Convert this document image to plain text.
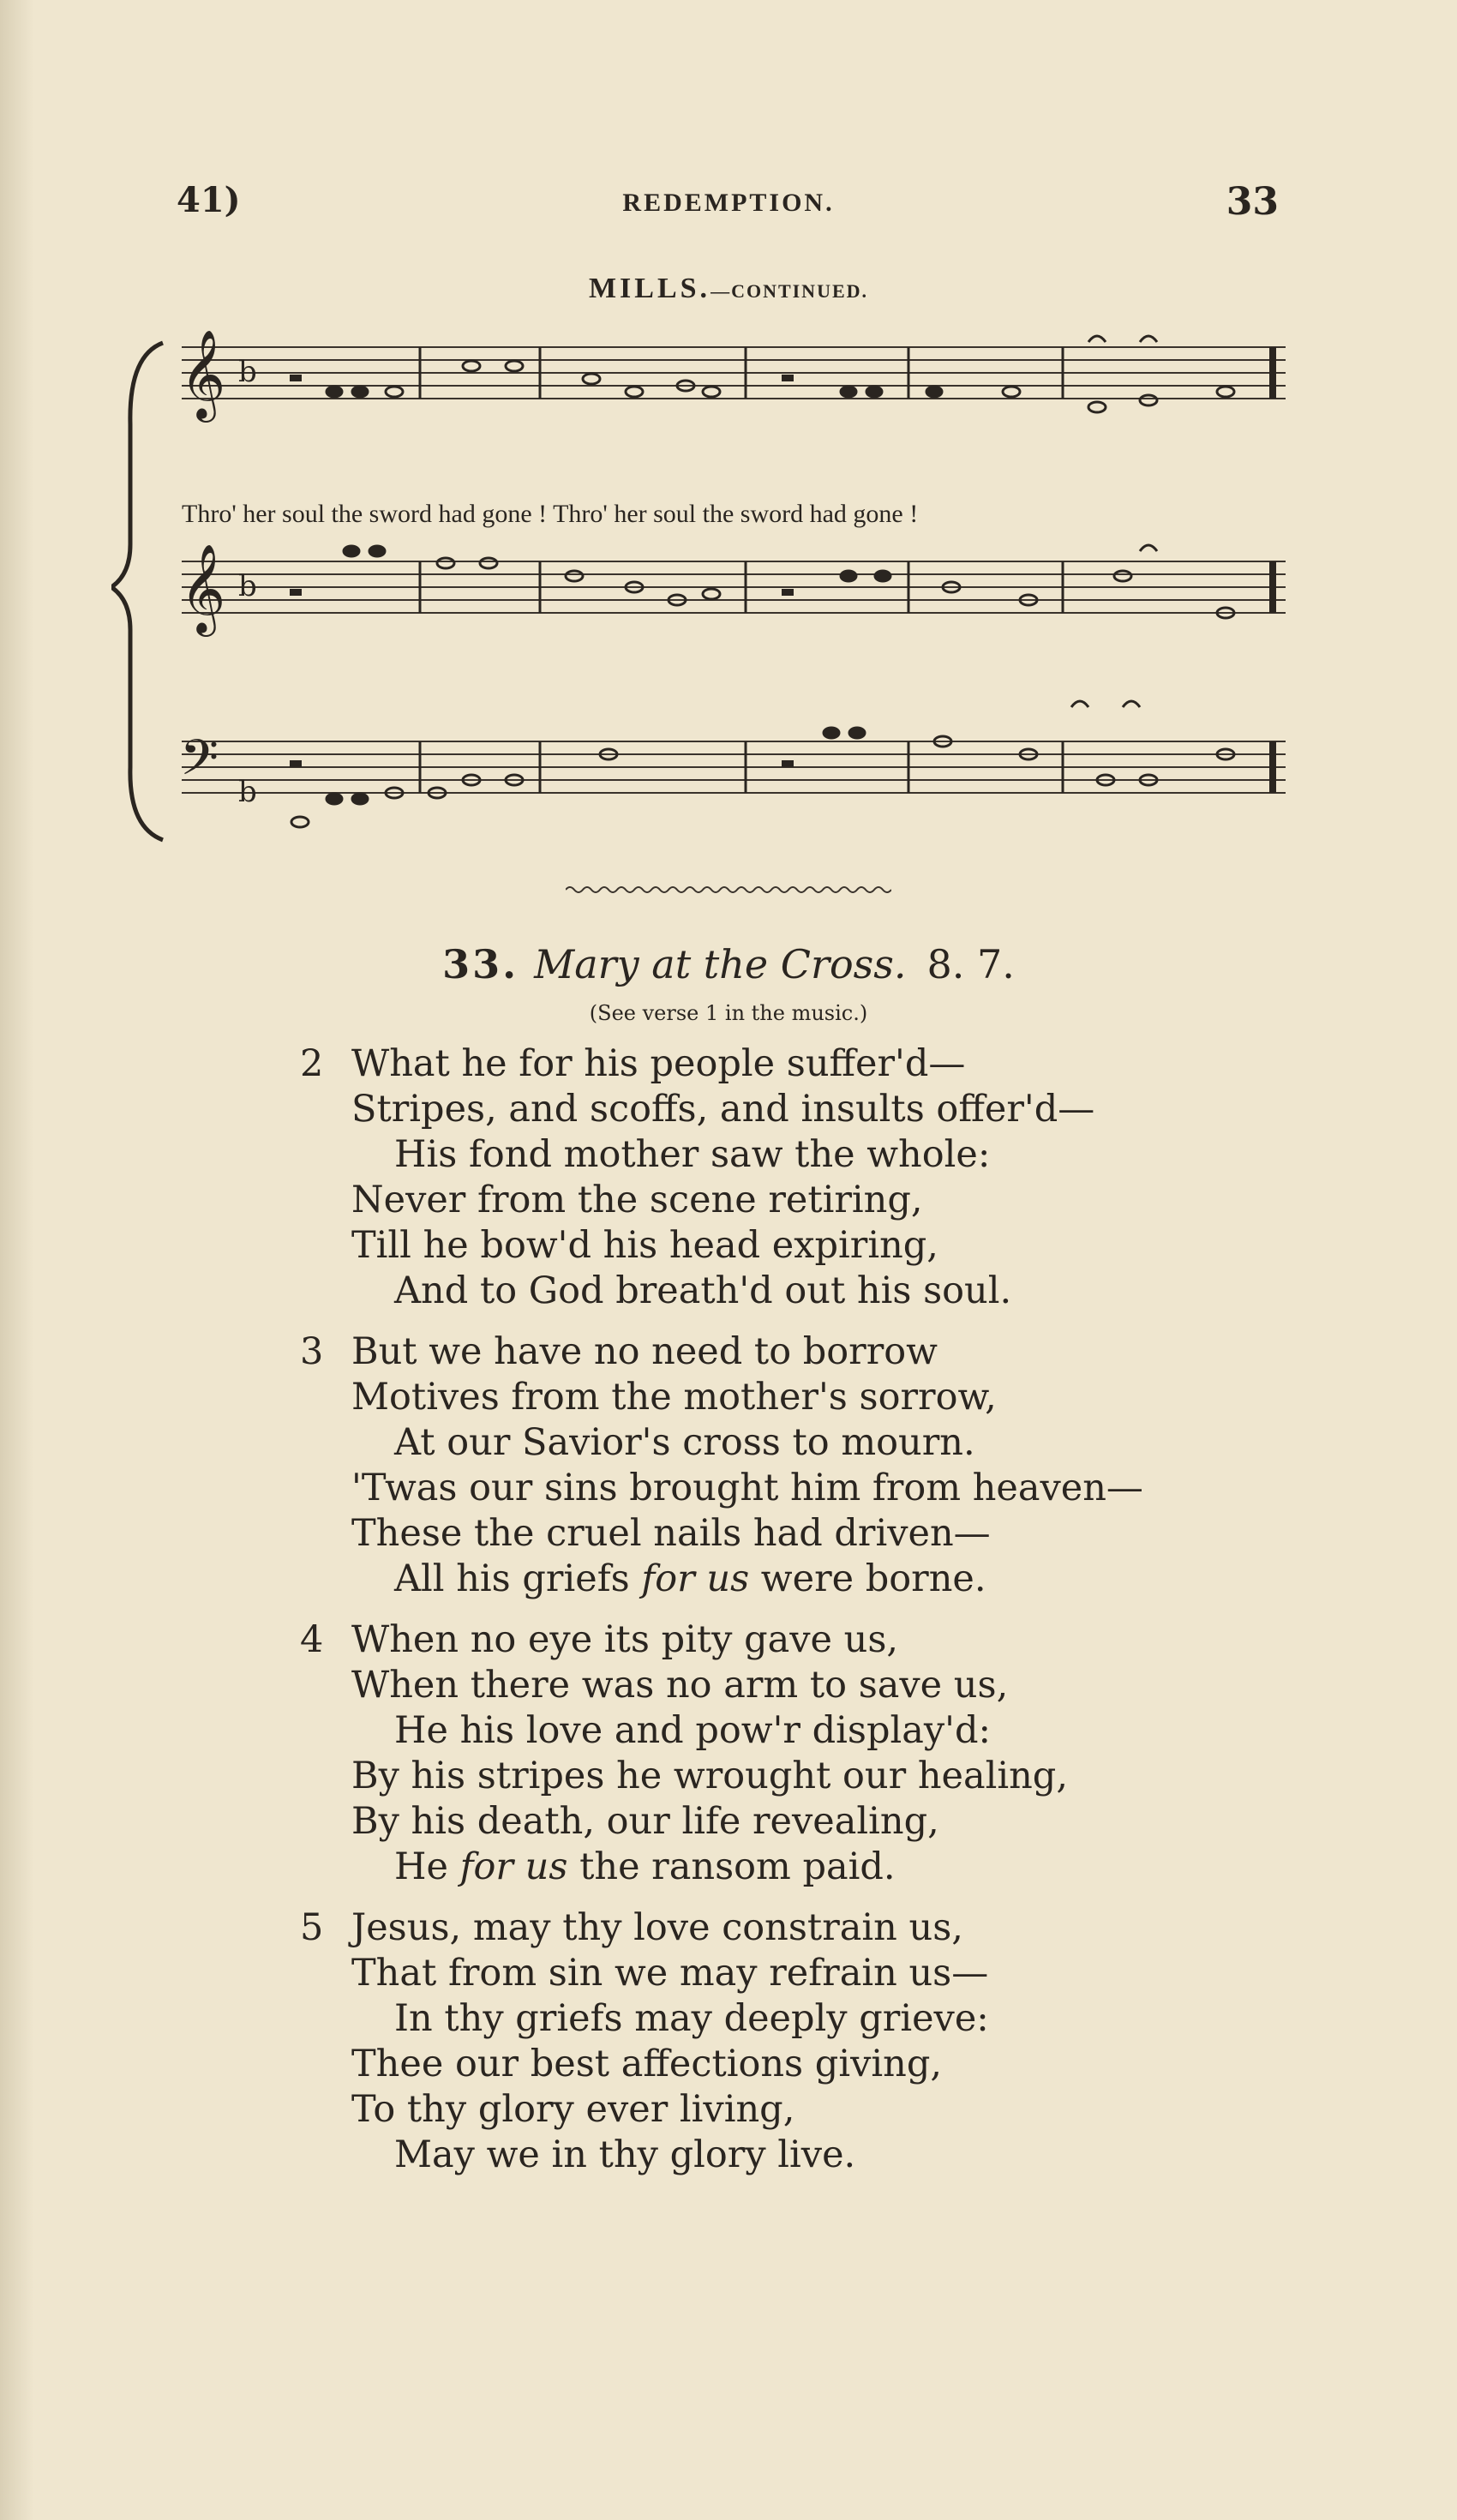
41)	REDEMPTION.	33
MILLS.—CONTINUED.
𝄞
𝄞
𝄢
b
b
b
Thro' her soul the sword had gone ! Thro' her soul the sword had gone !
33. Mary at the Cross. 8. 7.
(See verse 1 in the music.)
2 What he for his people suffer'd—
Stripes, and scoffs, and insults offer'd—
His fond mother saw the whole:
Never from the scene retiring,
Till he bow'd his head expiring,
And to God breath'd out his soul.
3 But we have no need to borrow
Motives from the mother's sorrow,
At our Savior's cross to mourn.
'Twas our sins brought him from heaven—
These the cruel nails had driven—
All his griefs for us were borne.
4 When no eye its pity gave us,
When there was no arm to save us,
He his love and pow'r display'd:
By his stripes he wrought our healing,
By his death, our life revealing,
He for us the ransom paid.
5 Jesus, may thy love constrain us,
That from sin we may refrain us—
In thy griefs may deeply grieve:
Thee our best affections giving,
To thy glory ever living,
May we in thy glory live.
